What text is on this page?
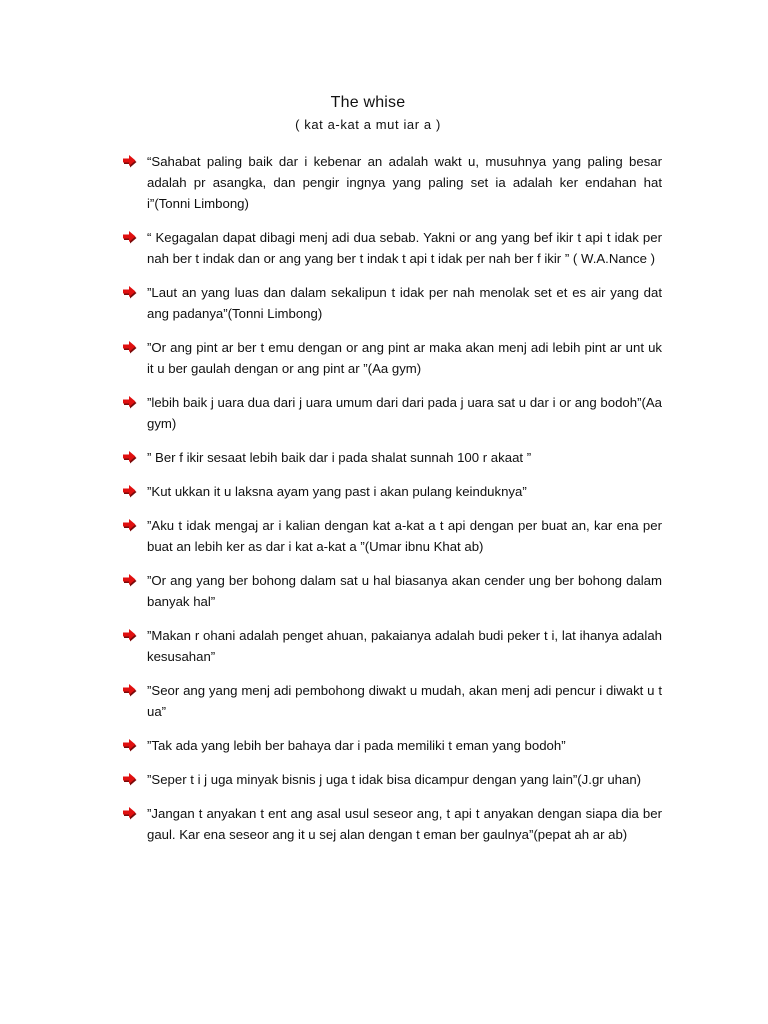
The whise
( kat a-kat a mut iar a )
“Sahabat paling baik dar i kebenar an adalah wakt u, musuhnya yang paling besar adalah pr asangka, dan pengir ingnya yang paling set ia adalah ker endahan hat i”(Tonni Limbong)
“ Kegagalan dapat dibagi menj adi dua sebab. Yakni or ang yang bef ikir t api t idak per nah ber t indak dan or ang yang ber t indak t api t idak per nah ber f ikir ” ( W.A.Nance )
”Laut an yang luas dan dalam sekalipun t idak per nah menolak set et es air yang dat ang padanya”(Tonni Limbong)
”Or ang pint ar ber t emu dengan or ang pint ar maka akan menj adi lebih pint ar unt uk it u ber gaulah dengan or ang pint ar ”(Aa gym)
”lebih baik j uara dua dari j uara umum dari dari pada j uara sat u dar i or ang bodoh”(Aa gym)
” Ber f ikir sesaat lebih baik dar i pada shalat sunnah 100 r akaat ”
”Kut ukkan it u laksna ayam yang past i akan pulang keinduknya”
”Aku t idak mengaj ar i kalian dengan kat a-kat a t api dengan per buat an, kar ena per buat an lebih ker as dar i kat a-kat a ”(Umar ibnu Khat ab)
”Or ang yang ber bohong dalam sat u hal biasanya akan cender ung ber bohong dalam banyak hal”
”Makan r ohani adalah penget ahuan, pakaianya adalah budi peker t i, lat ihanya adalah kesusahan”
”Seor ang yang menj adi pembohong diwakt u mudah, akan menj adi pencur i diwakt u t ua”
”Tak ada yang lebih ber bahaya dar i pada memiliki t eman yang bodoh”
”Seper t i j uga minyak bisnis j uga t idak bisa dicampur dengan yang lain”(J.gr uhan)
”Jangan t anyakan t ent ang asal usul seseor ang, t api t anyakan dengan siapa dia ber gaul. Kar ena seseor ang it u sej alan dengan t eman ber gaulnya”(pepat ah ar ab)
